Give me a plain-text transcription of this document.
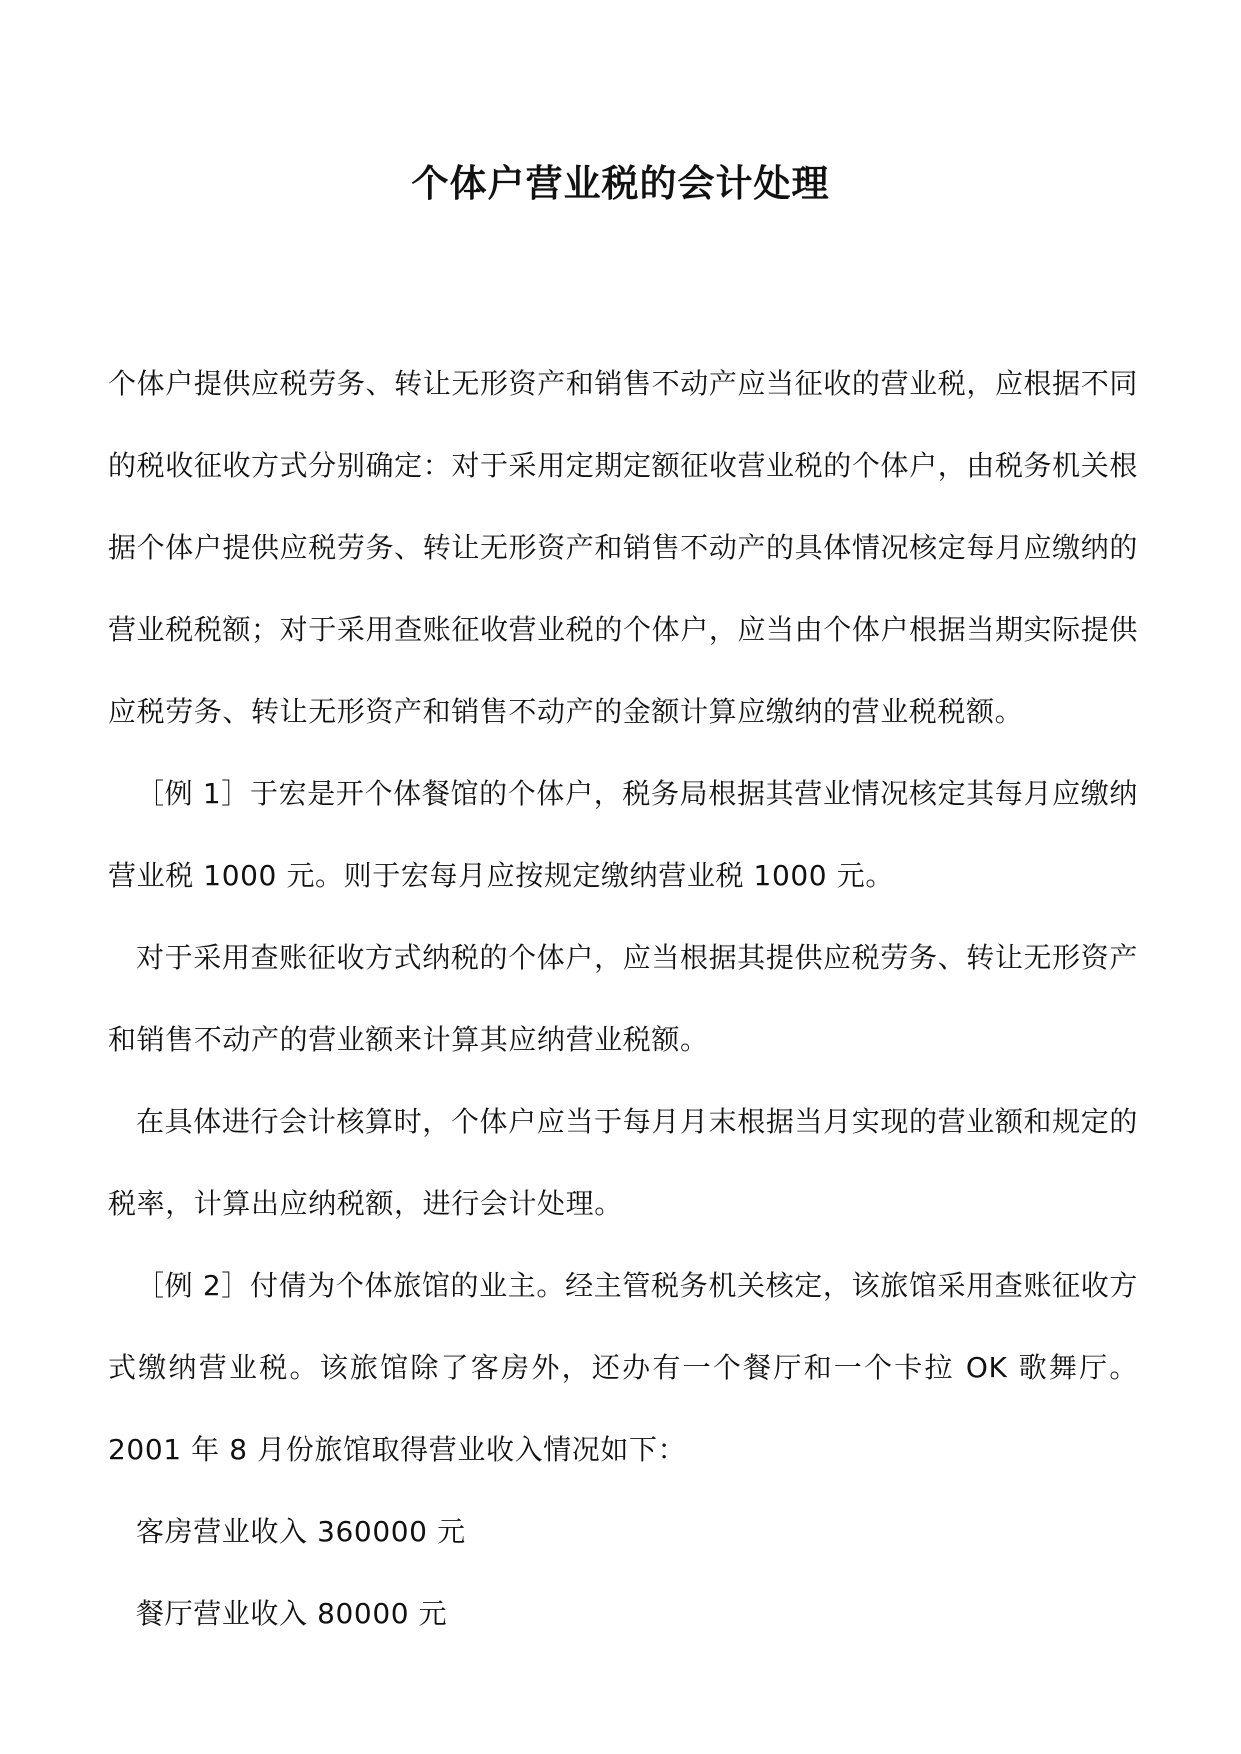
个体户营业税的会计处理

个体户提供应税劳务、转让无形资产和销售不动产应当征收的营业税，应根据不同的税收征收方式分别确定：对于采用定期定额征收营业税的个体户，由税务机关根据个体户提供应税劳务、转让无形资产和销售不动产的具体情况核定每月应缴纳的营业税税额；对于采用查账征收营业税的个体户，应当由个体户根据当期实际提供应税劳务、转让无形资产和销售不动产的金额计算应缴纳的营业税税额。

［例 1］于宏是开个体餐馆的个体户，税务局根据其营业情况核定其每月应缴纳营业税 1000 元。则于宏每月应按规定缴纳营业税 1000 元。

对于采用查账征收方式纳税的个体户，应当根据其提供应税劳务、转让无形资产和销售不动产的营业额来计算其应纳营业税额。

在具体进行会计核算时，个体户应当于每月月末根据当月实现的营业额和规定的税率，计算出应纳税额，进行会计处理。

［例 2］付倩为个体旅馆的业主。经主管税务机关核定，该旅馆采用查账征收方式缴纳营业税。该旅馆除了客房外，还办有一个餐厅和一个卡拉 OK 歌舞厅。2001 年 8 月份旅馆取得营业收入情况如下：

客房营业收入 360000 元

餐厅营业收入 80000 元
